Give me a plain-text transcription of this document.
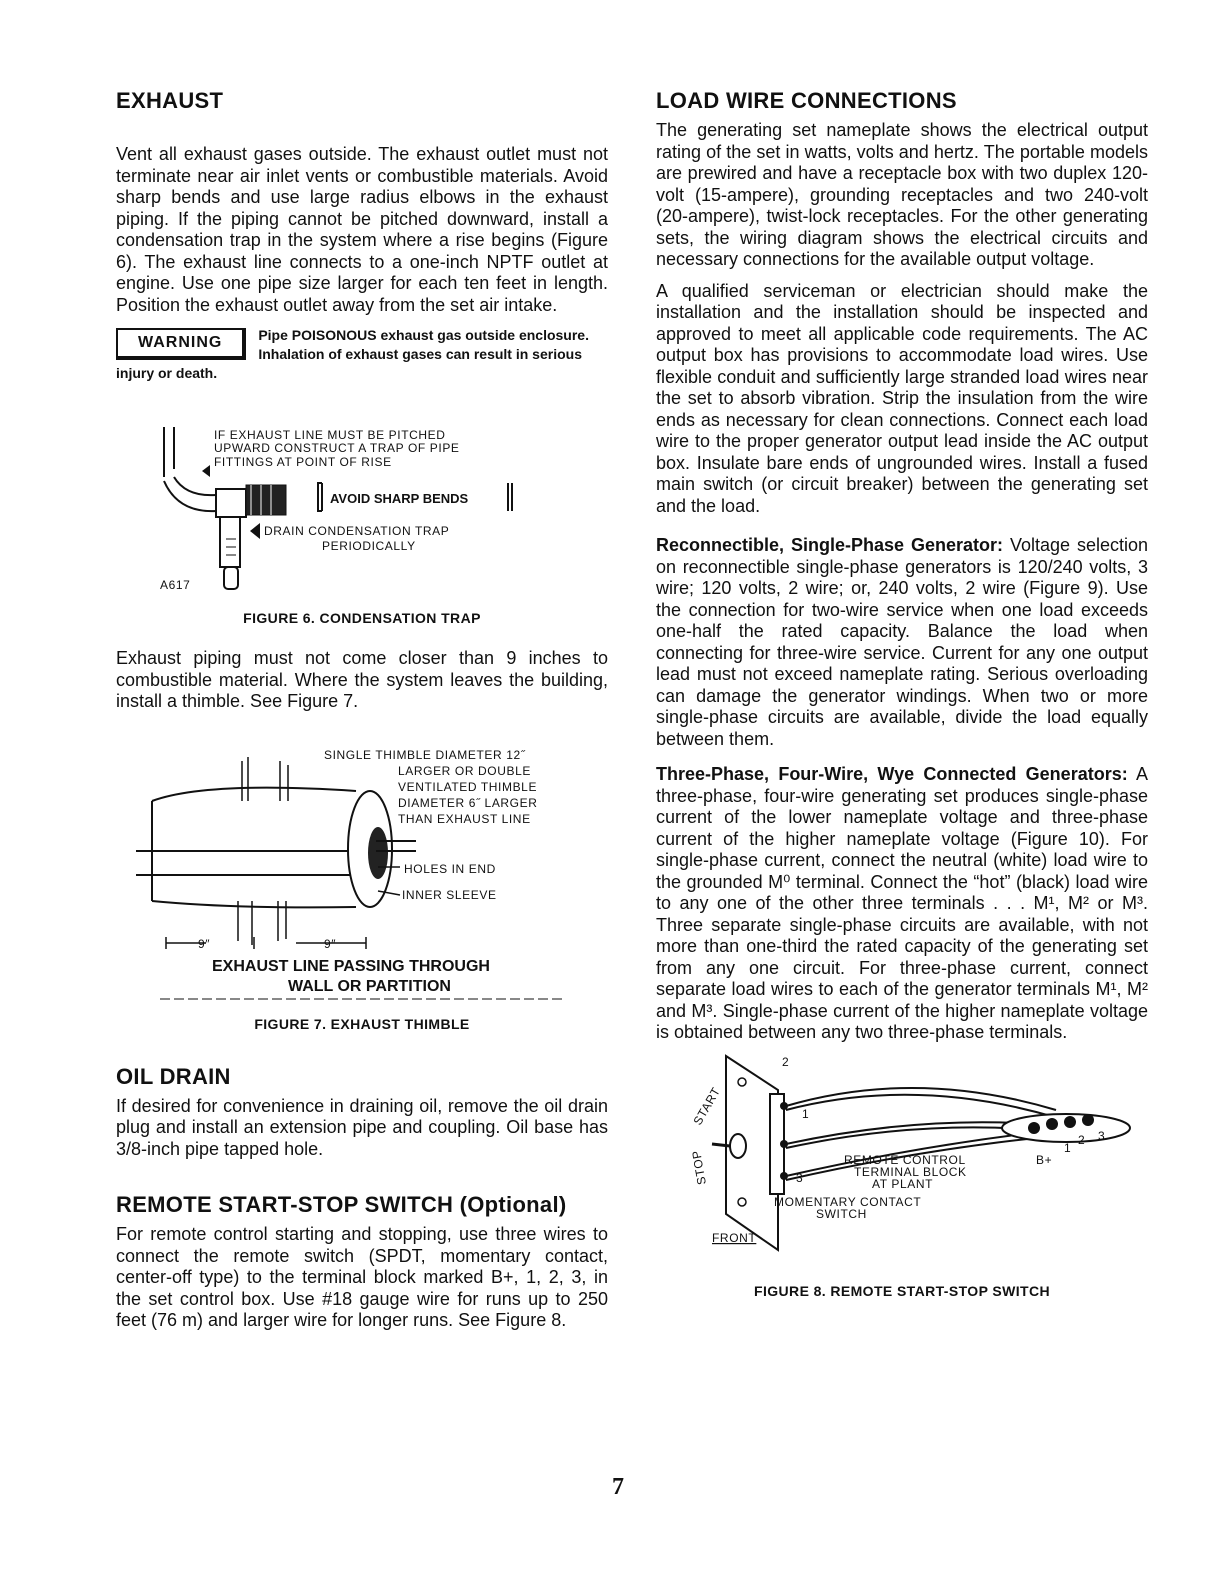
EXHAUST

Vent all exhaust gases outside. The exhaust outlet must not terminate near air inlet vents or combustible materials. Avoid sharp bends and use large radius elbows in the exhaust piping. If the piping cannot be pitched downward, install a condensation trap in the system where a rise begins (Figure 6). The exhaust line connects to a one-inch NPTF outlet at engine. Use one pipe size larger for each ten feet in length. Position the exhaust outlet away from the set air intake.

WARNING	Pipe POISONOUS exhaust gas outside enclosure. Inhalation of exhaust gases can result in serious injury or death.
IF EXHAUST LINE MUST BE PITCHED
UPWARD CONSTRUCT A TRAP OF PIPE
FITTINGS AT POINT OF RISE
AVOID SHARP BENDS
DRAIN CONDENSATION TRAP
PERIODICALLY
A617
FIGURE 6. CONDENSATION TRAP

Exhaust piping must not come closer than 9 inches to combustible material. Where the system leaves the building, install a thimble. See Figure 7.

9″	9″
SINGLE THIMBLE DIAMETER 12˝
LARGER OR DOUBLE
VENTILATED THIMBLE
DIAMETER 6˝ LARGER
THAN EXHAUST LINE
HOLES IN END
INNER SLEEVE
EXHAUST LINE PASSING THROUGH
WALL OR PARTITION
FIGURE 7. EXHAUST THIMBLE
OIL DRAIN

If desired for convenience in draining oil, remove the oil drain plug and install an extension pipe and coupling. Oil base has 3/8-inch pipe tapped hole.

REMOTE START-STOP SWITCH (Optional)

For remote control starting and stopping, use three wires to connect the remote switch (SPDT, momentary contact, center-off type) to the terminal block marked B+, 1, 2, 3, in the set control box. Use #18 gauge wire for runs up to 250 feet (76 m) and larger wire for longer runs. See Figure 8.

LOAD WIRE CONNECTIONS

The generating set nameplate shows the electrical output rating of the set in watts, volts and hertz. The portable models are prewired and have a receptacle box with two duplex 120-volt (15-ampere), grounding receptacles and two 240-volt (20-ampere), twist-lock receptacles. For the other generating sets, the wiring diagram shows the electrical circuits and necessary connections for the available output voltage.

A qualified serviceman or electrician should make the installation and the installation should be inspected and approved to meet all applicable code requirements. The AC output box has provisions to accommodate load wires. Use flexible conduit and sufficiently large stranded load wires near the set to absorb vibration. Strip the insulation from the wire ends as necessary for clean connections. Connect each load wire to the proper generator output lead inside the AC output box. Insulate bare ends of ungrounded wires. Install a fused main switch (or circuit breaker) between the generating set and the load.

Reconnectible, Single-Phase Generator: Voltage selection on reconnectible single-phase generators is 120/240 volts, 3 wire; 120 volts, 2 wire; or, 240 volts, 2 wire (Figure 9). Use the connection for two-wire service when one load exceeds one-half the rated capacity. Balance the load when connecting for three-wire service. Current for any one output lead must not exceed nameplate rating. Serious overloading can damage the generator windings. When two or more single-phase circuits are available, divide the load equally between them.

Three-Phase, Four-Wire, Wye Connected Generators: A three-phase, four-wire generating set produces single-phase current of the lower nameplate voltage and three-phase current of the higher nameplate voltage (Figure 10). For single-phase current, connect the neutral (white) load wire to the grounded M⁰ terminal. Connect the “hot” (black) load wire to any one of the other three terminals . . . M¹, M² or M³. Three separate single-phase circuits are available, with not more than one-third the rated capacity of the generating set from any one circuit. For three-phase current, connect separate load wires to each of the generator terminals M¹, M² and M³. Single-phase current of the higher nameplate voltage is obtained between any two three-phase terminals.

START
STOP
2
1
3
1
2 3
B+
REMOTE CONTROL
TERMINAL BLOCK
AT PLANT
MOMENTARY CONTACT
SWITCH
FRONT
FIGURE 8. REMOTE START-STOP SWITCH
7
